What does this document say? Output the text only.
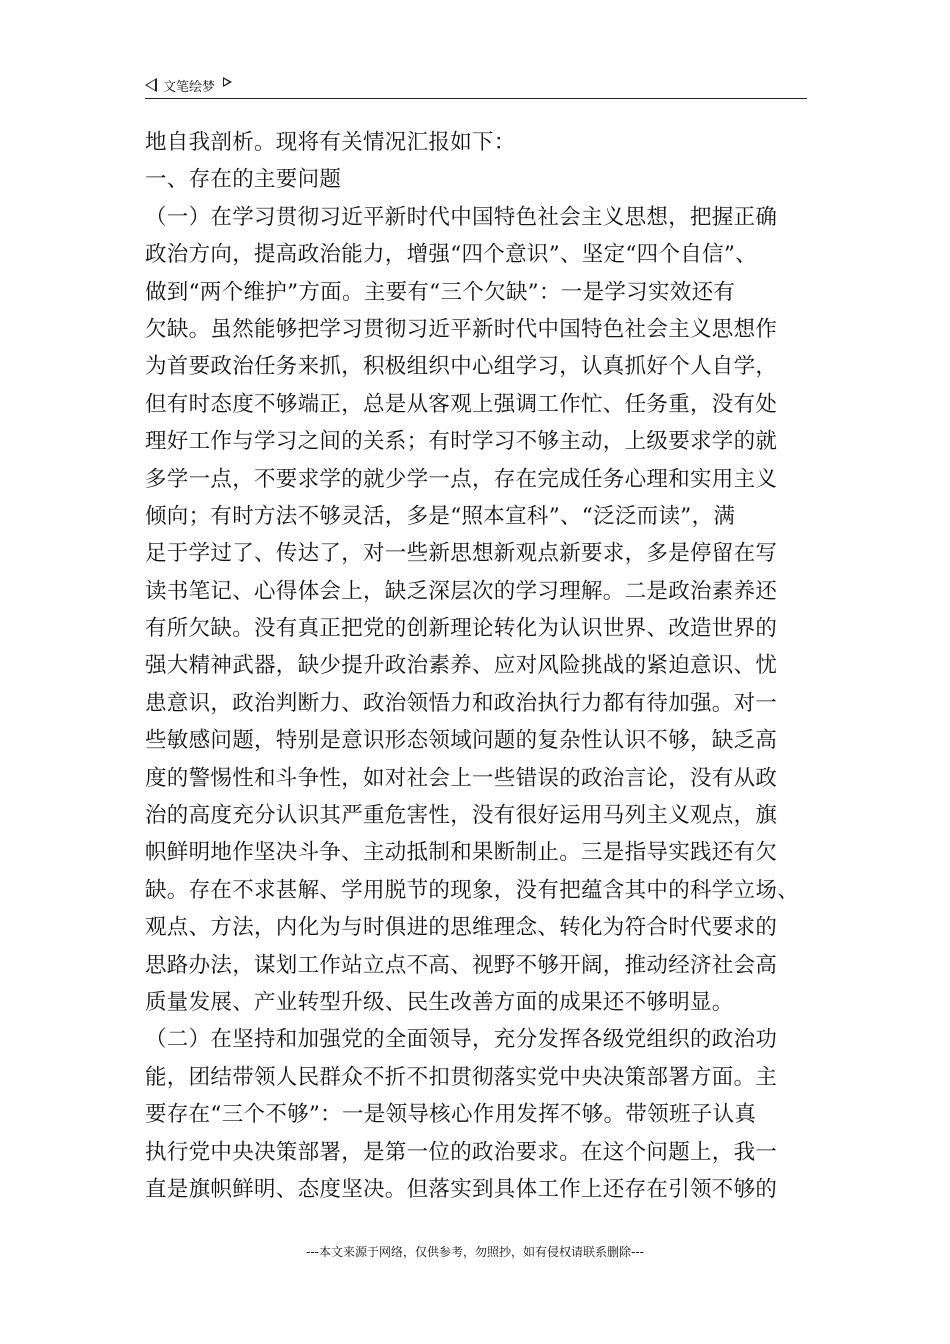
文笔绘梦
地自我剖析。现将有关情况汇报如下：
一、存在的主要问题
（一）在学习贯彻习近平新时代中国特色社会主义思想，把握正确
政治方向，提高政治能力，增强“四个意识”、坚定“四个自信”、
做到“两个维护”方面。主要有“三个欠缺”：一是学习实效还有
欠缺。虽然能够把学习贯彻习近平新时代中国特色社会主义思想作
为首要政治任务来抓，积极组织中心组学习，认真抓好个人自学，
但有时态度不够端正，总是从客观上强调工作忙、任务重，没有处
理好工作与学习之间的关系；有时学习不够主动，上级要求学的就
多学一点，不要求学的就少学一点，存在完成任务心理和实用主义
倾向；有时方法不够灵活，多是“照本宣科”、“泛泛而读”，满
足于学过了、传达了，对一些新思想新观点新要求，多是停留在写
读书笔记、心得体会上，缺乏深层次的学习理解。二是政治素养还
有所欠缺。没有真正把党的创新理论转化为认识世界、改造世界的
强大精神武器，缺少提升政治素养、应对风险挑战的紧迫意识、忧
患意识，政治判断力、政治领悟力和政治执行力都有待加强。对一
些敏感问题，特别是意识形态领域问题的复杂性认识不够，缺乏高
度的警惕性和斗争性，如对社会上一些错误的政治言论，没有从政
治的高度充分认识其严重危害性，没有很好运用马列主义观点，旗
帜鲜明地作坚决斗争、主动抵制和果断制止。三是指导实践还有欠
缺。存在不求甚解、学用脱节的现象，没有把蕴含其中的科学立场、
观点、方法，内化为与时俱进的思维理念、转化为符合时代要求的
思路办法，谋划工作站立点不高、视野不够开阔，推动经济社会高
质量发展、产业转型升级、民生改善方面的成果还不够明显。
（二）在坚持和加强党的全面领导，充分发挥各级党组织的政治功
能，团结带领人民群众不折不扣贯彻落实党中央决策部署方面。主
要存在“三个不够”：一是领导核心作用发挥不够。带领班子认真
执行党中央决策部署，是第一位的政治要求。在这个问题上，我一
直是旗帜鲜明、态度坚决。但落实到具体工作上还存在引领不够的
---本文来源于网络，仅供参考，勿照抄，如有侵权请联系删除---
